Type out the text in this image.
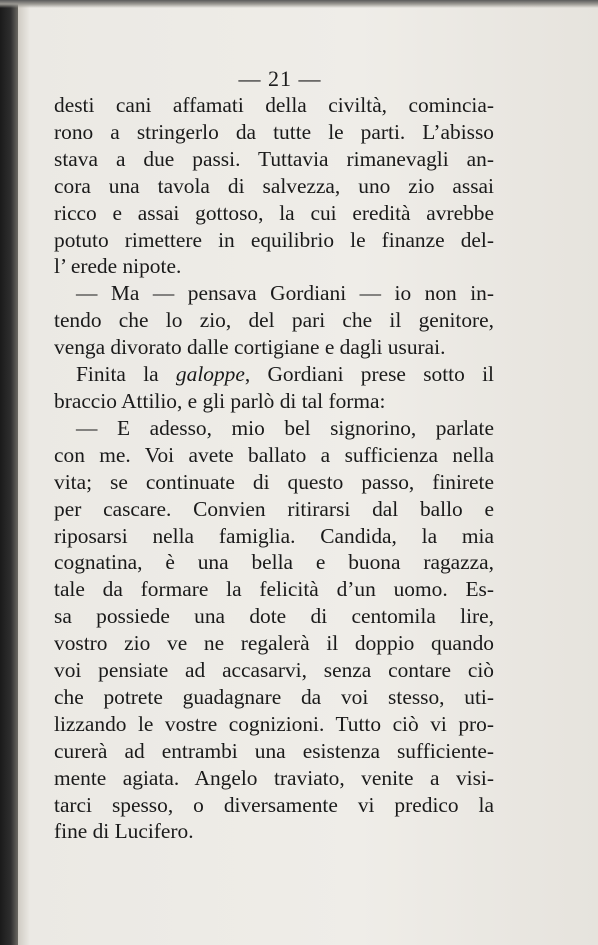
— 21 —
desti cani affamati della civiltà, comincia-
rono a stringerlo da tutte le parti. L’abisso
stava a due passi. Tuttavia rimanevagli an-
cora una tavola di salvezza, uno zio assai
ricco e assai gottoso, la cui eredità avrebbe
potuto rimettere in equilibrio le finanze del-
l’ erede nipote.
— Ma — pensava Gordiani — io non in-
tendo che lo zio, del pari che il genitore,
venga divorato dalle cortigiane e dagli usurai.
Finita la galoppe, Gordiani prese sotto il
braccio Attilio, e gli parlò di tal forma:
— E adesso, mio bel signorino, parlate
con me. Voi avete ballato a sufficienza nella
vita; se continuate di questo passo, finirete
per cascare. Convien ritirarsi dal ballo e
riposarsi nella famiglia. Candida, la mia
cognatina, è una bella e buona ragazza,
tale da formare la felicità d’un uomo. Es-
sa possiede una dote di centomila lire,
vostro zio ve ne regalerà il doppio quando
voi pensiate ad accasarvi, senza contare ciò
che potrete guadagnare da voi stesso, uti-
lizzando le vostre cognizioni. Tutto ciò vi pro-
curerà ad entrambi una esistenza sufficiente-
mente agiata. Angelo traviato, venite a visi-
tarci spesso, o diversamente vi predico la
fine di Lucifero.
